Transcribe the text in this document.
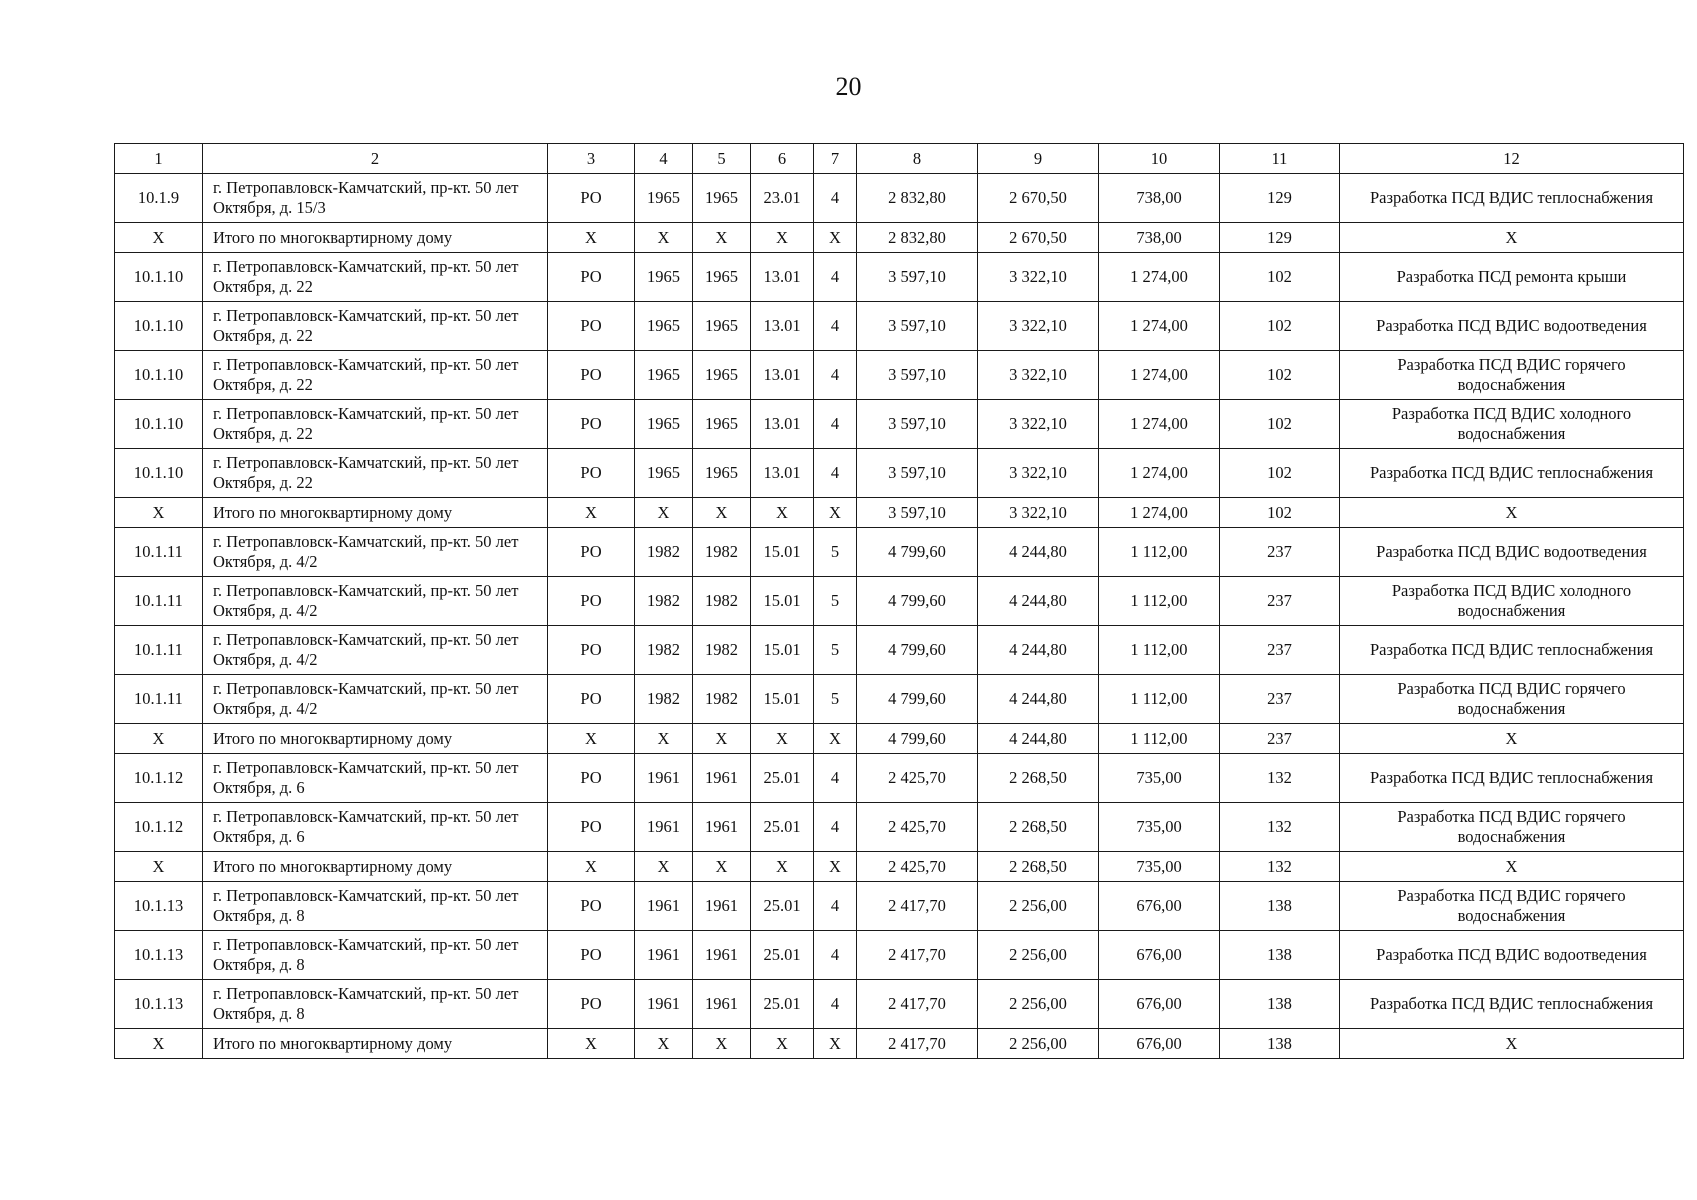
20
1	2	3	4	5	6	7	8	9	10	11	12
10.1.9	г. Петропавловск-Камчатский, пр-кт. 50 лет Октября, д. 15/3	РО	1965	1965	23.01	4	2 832,80	2 670,50	738,00	129	Разработка ПСД ВДИС теплоснабжения
Х	Итого по многоквартирному дому	Х	Х	Х	Х	Х	2 832,80	2 670,50	738,00	129	Х
10.1.10	г. Петропавловск-Камчатский, пр-кт. 50 лет Октября, д. 22	РО	1965	1965	13.01	4	3 597,10	3 322,10	1 274,00	102	Разработка ПСД ремонта крыши
10.1.10	г. Петропавловск-Камчатский, пр-кт. 50 лет Октября, д. 22	РО	1965	1965	13.01	4	3 597,10	3 322,10	1 274,00	102	Разработка ПСД ВДИС водоотведения
10.1.10	г. Петропавловск-Камчатский, пр-кт. 50 лет Октября, д. 22	РО	1965	1965	13.01	4	3 597,10	3 322,10	1 274,00	102	Разработка ПСД ВДИС горячего водоснабжения
10.1.10	г. Петропавловск-Камчатский, пр-кт. 50 лет Октября, д. 22	РО	1965	1965	13.01	4	3 597,10	3 322,10	1 274,00	102	Разработка ПСД ВДИС холодного водоснабжения
10.1.10	г. Петропавловск-Камчатский, пр-кт. 50 лет Октября, д. 22	РО	1965	1965	13.01	4	3 597,10	3 322,10	1 274,00	102	Разработка ПСД ВДИС теплоснабжения
Х	Итого по многоквартирному дому	Х	Х	Х	Х	Х	3 597,10	3 322,10	1 274,00	102	Х
10.1.11	г. Петропавловск-Камчатский, пр-кт. 50 лет Октября, д. 4/2	РО	1982	1982	15.01	5	4 799,60	4 244,80	1 112,00	237	Разработка ПСД ВДИС водоотведения
10.1.11	г. Петропавловск-Камчатский, пр-кт. 50 лет Октября, д. 4/2	РО	1982	1982	15.01	5	4 799,60	4 244,80	1 112,00	237	Разработка ПСД ВДИС холодного водоснабжения
10.1.11	г. Петропавловск-Камчатский, пр-кт. 50 лет Октября, д. 4/2	РО	1982	1982	15.01	5	4 799,60	4 244,80	1 112,00	237	Разработка ПСД ВДИС теплоснабжения
10.1.11	г. Петропавловск-Камчатский, пр-кт. 50 лет Октября, д. 4/2	РО	1982	1982	15.01	5	4 799,60	4 244,80	1 112,00	237	Разработка ПСД ВДИС горячего водоснабжения
Х	Итого по многоквартирному дому	Х	Х	Х	Х	Х	4 799,60	4 244,80	1 112,00	237	Х
10.1.12	г. Петропавловск-Камчатский, пр-кт. 50 лет Октября, д. 6	РО	1961	1961	25.01	4	2 425,70	2 268,50	735,00	132	Разработка ПСД ВДИС теплоснабжения
10.1.12	г. Петропавловск-Камчатский, пр-кт. 50 лет Октября, д. 6	РО	1961	1961	25.01	4	2 425,70	2 268,50	735,00	132	Разработка ПСД ВДИС горячего водоснабжения
Х	Итого по многоквартирному дому	Х	Х	Х	Х	Х	2 425,70	2 268,50	735,00	132	Х
10.1.13	г. Петропавловск-Камчатский, пр-кт. 50 лет Октября, д. 8	РО	1961	1961	25.01	4	2 417,70	2 256,00	676,00	138	Разработка ПСД ВДИС горячего водоснабжения
10.1.13	г. Петропавловск-Камчатский, пр-кт. 50 лет Октября, д. 8	РО	1961	1961	25.01	4	2 417,70	2 256,00	676,00	138	Разработка ПСД ВДИС водоотведения
10.1.13	г. Петропавловск-Камчатский, пр-кт. 50 лет Октября, д. 8	РО	1961	1961	25.01	4	2 417,70	2 256,00	676,00	138	Разработка ПСД ВДИС теплоснабжения
Х	Итого по многоквартирному дому	Х	Х	Х	Х	Х	2 417,70	2 256,00	676,00	138	Х
